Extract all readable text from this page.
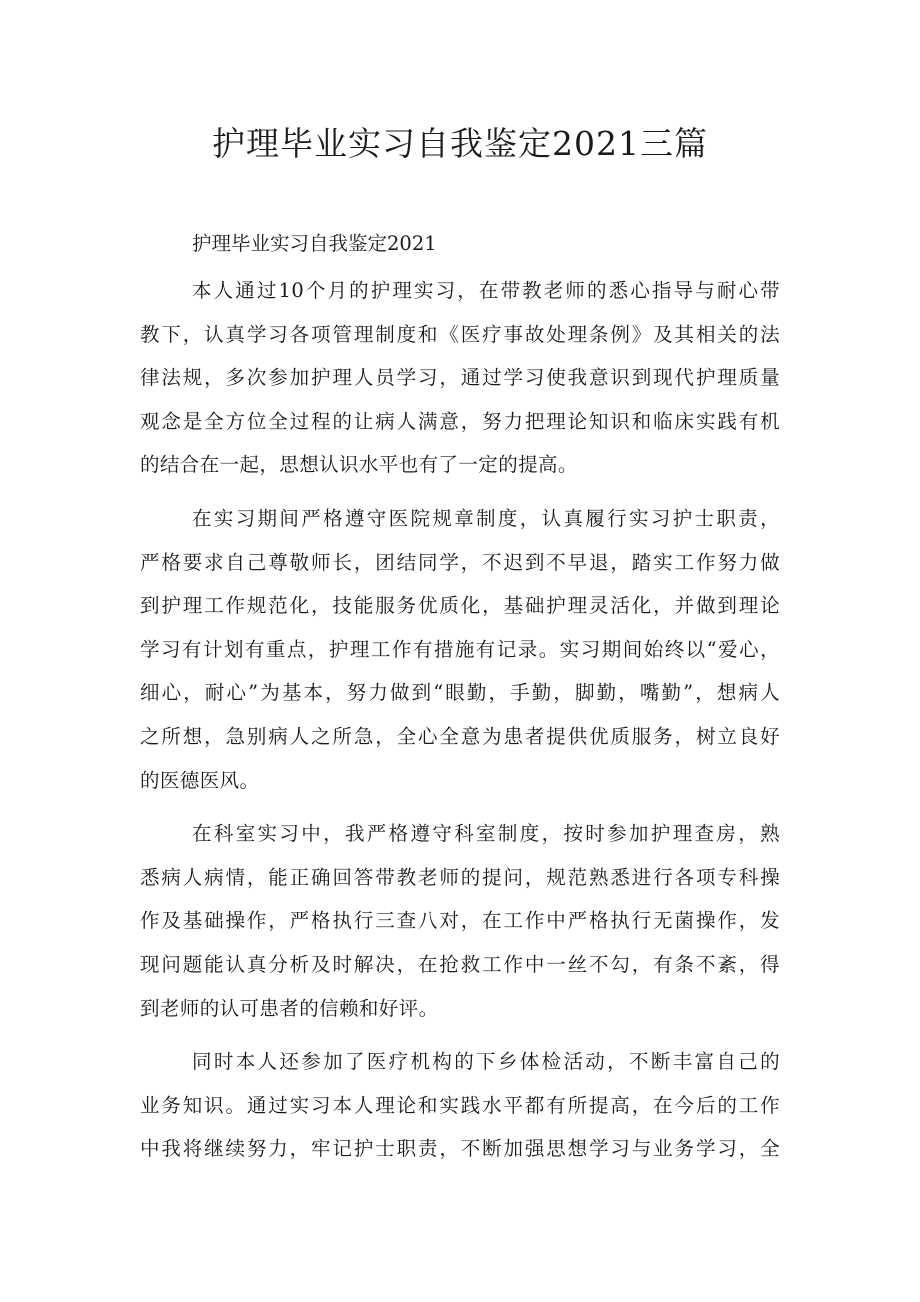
护理毕业实习自我鉴定2021三篇
护理毕业实习自我鉴定2021

本人通过10个月的护理实习，在带教老师的悉心指导与耐心带
教下，认真学习各项管理制度和《医疗事故处理条例》及其相关的法
律法规，多次参加护理人员学习，通过学习使我意识到现代护理质量
观念是全方位全过程的让病人满意，努力把理论知识和临床实践有机
的结合在一起，思想认识水平也有了一定的提高。

在实习期间严格遵守医院规章制度，认真履行实习护士职责，
严格要求自己尊敬师长，团结同学，不迟到不早退，踏实工作努力做
到护理工作规范化，技能服务优质化，基础护理灵活化，并做到理论
学习有计划有重点，护理工作有措施有记录。实习期间始终以“爱心，
细心，耐心”为基本，努力做到“眼勤，手勤，脚勤，嘴勤”，想病人
之所想，急别病人之所急，全心全意为患者提供优质服务，树立良好
的医德医风。

在科室实习中，我严格遵守科室制度，按时参加护理查房，熟
悉病人病情，能正确回答带教老师的提问，规范熟悉进行各项专科操
作及基础操作，严格执行三查八对，在工作中严格执行无菌操作，发
现问题能认真分析及时解决，在抢救工作中一丝不勾，有条不紊，得
到老师的认可患者的信赖和好评。

同时本人还参加了医疗机构的下乡体检活动，不断丰富自己的
业务知识。通过实习本人理论和实践水平都有所提高，在今后的工作
中我将继续努力，牢记护士职责，不断加强思想学习与业务学习，全
